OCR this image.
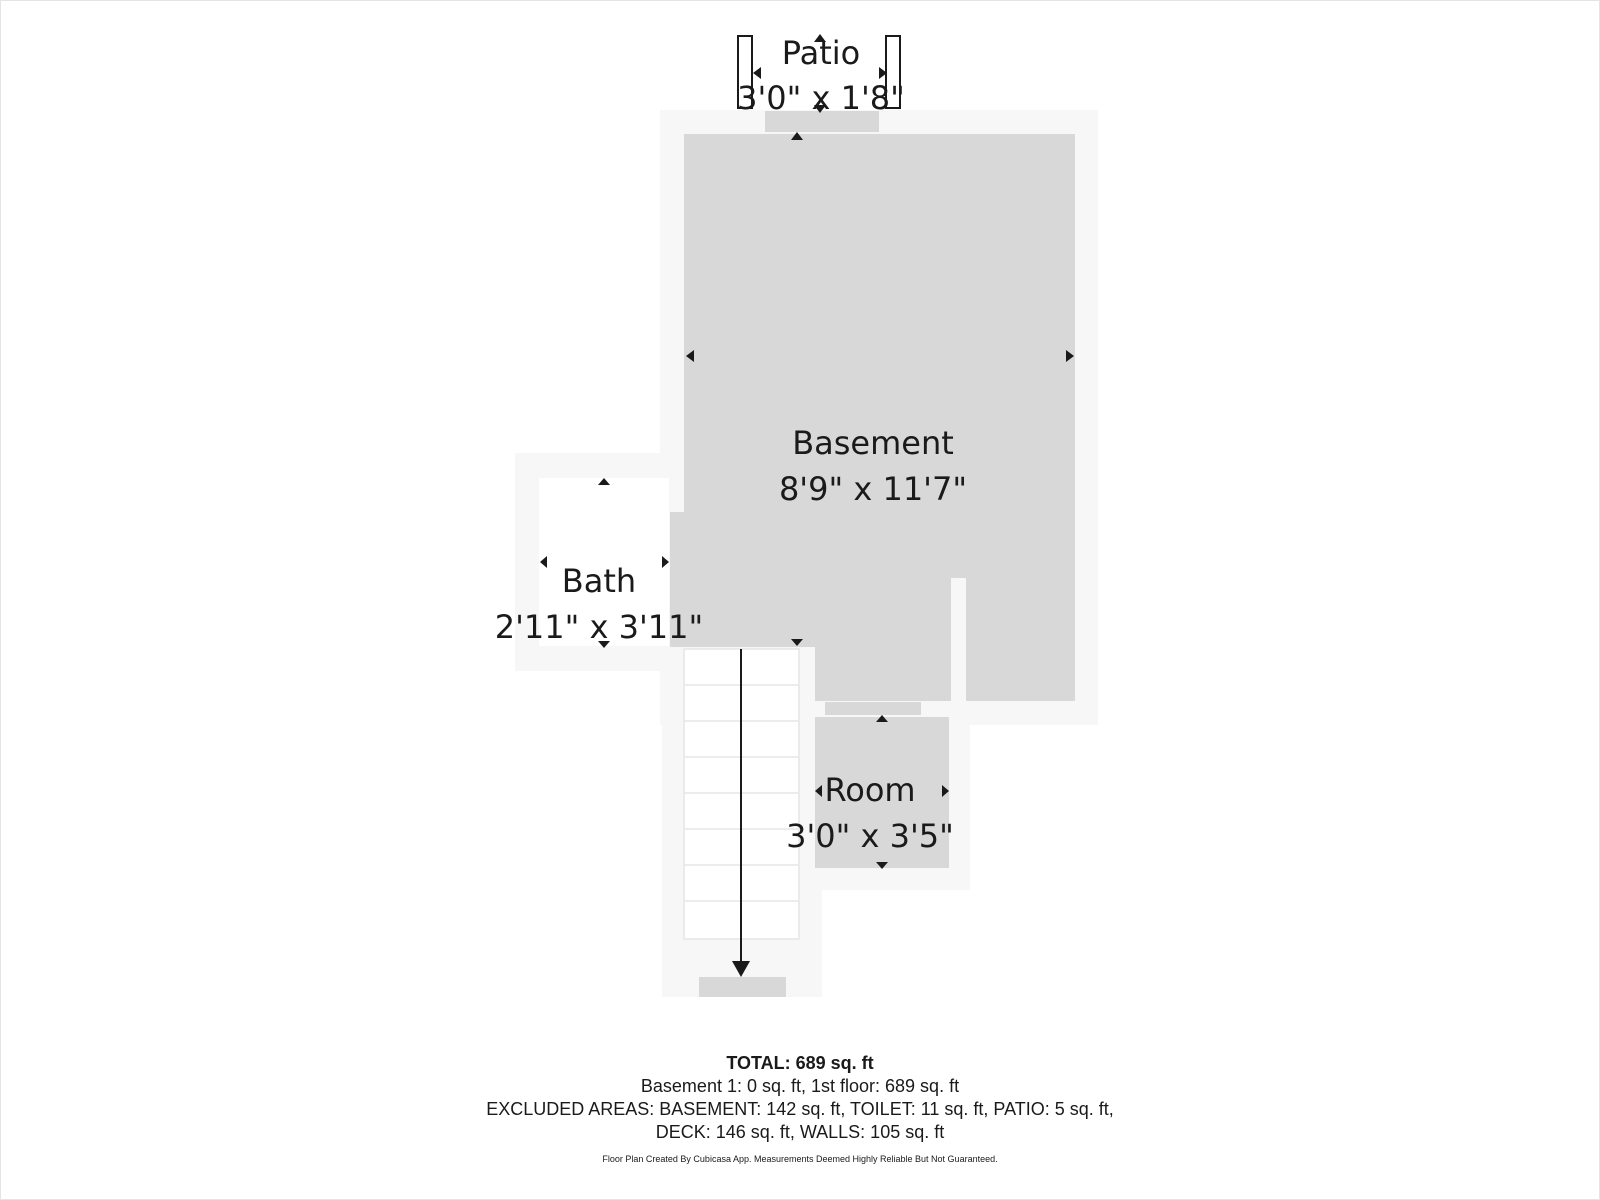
Patio
3'0" x 1'8"
Basement
8'9" x 11'7"
Bath
2'11" x 3'11"
Room
3'0" x 3'5"
TOTAL: 689 sq. ft
Basement 1: 0 sq. ft, 1st floor: 689 sq. ft
EXCLUDED AREAS: BASEMENT: 142 sq. ft, TOILET: 11 sq. ft, PATIO: 5 sq. ft,
DECK: 146 sq. ft, WALLS: 105 sq. ft
Floor Plan Created By Cubicasa App. Measurements Deemed Highly Reliable But Not Guaranteed.
